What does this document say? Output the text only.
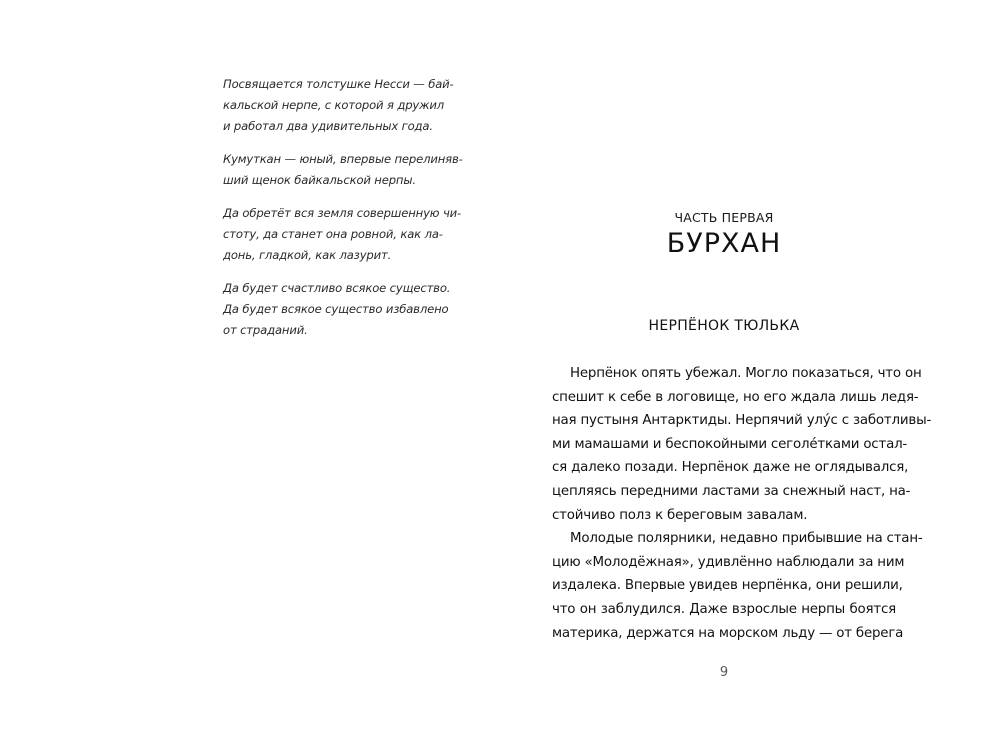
Посвящается толстушке Несси — бай-
кальской нерпе, с которой я дружил
и работал два удивительных года.

Кумуткан — юный, впервые перелиняв-
ший щенок байкальской нерпы.

Да обретёт вся земля совершенную чи-
стоту, да станет она ровной, как ла-
донь, гладкой, как лазурит.

Да будет счастливо всякое существо.
Да будет всякое существо избавлено
от страданий.

ЧАСТЬ ПЕРВАЯ
БУРХАН
НЕРПЁНОК ТЮЛЬКА
Нерпёнок опять убежал. Могло показаться, что он
спешит к себе в логовище, но его ждала лишь ледя-
ная пустыня Антарктиды. Нерпячий улу́с с заботливы-
ми мамашами и беспокойными сеголе́тками остал-
ся далеко позади. Нерпёнок даже не оглядывался,
цепляясь передними ластами за снежный наст, на-
стойчиво полз к береговым завалам.
Молодые полярники, недавно прибывшие на стан-
цию «Молодёжная», удивлённо наблюдали за ним
издалека. Впервые увидев нерпёнка, они решили,
что он заблудился. Даже взрослые нерпы боятся
материка, держатся на морском льду — от берега
9
